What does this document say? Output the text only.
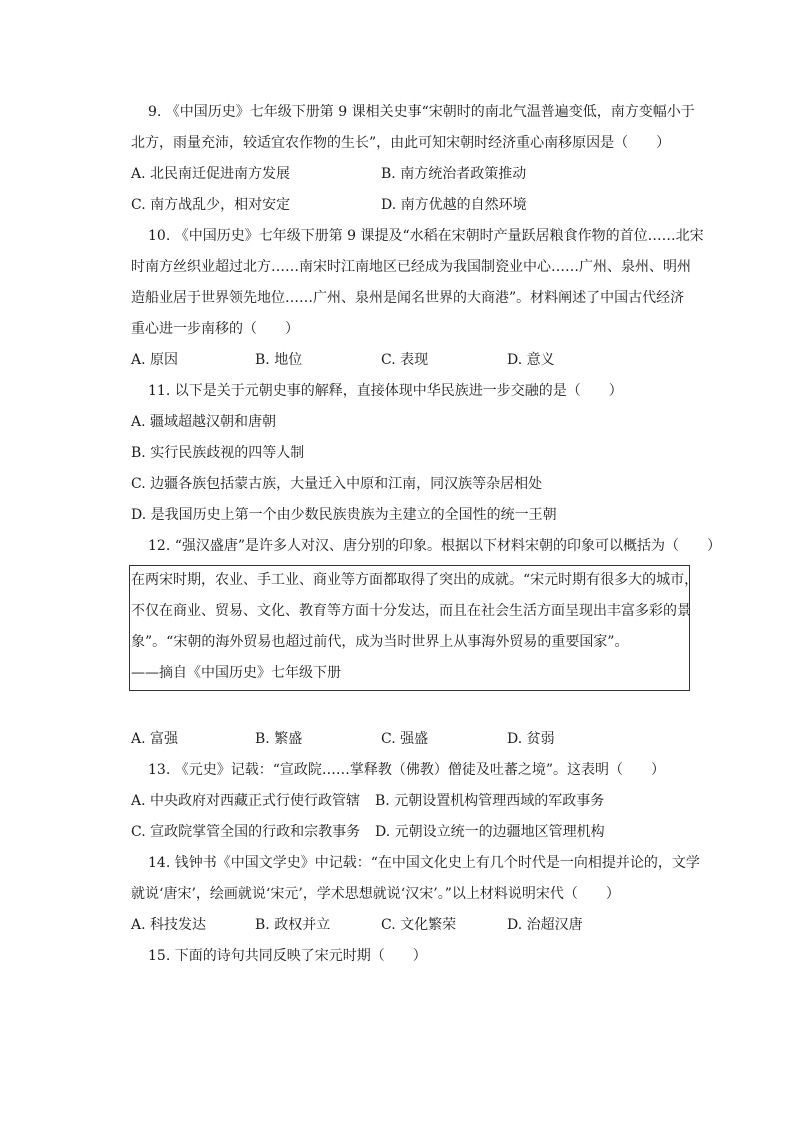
9. 《中国历史》七年级下册第 9 课相关史事“宋朝时的南北气温普遍变低，南方变幅小于
北方，雨量充沛，较适宜农作物的生长”，由此可知宋朝时经济重心南移原因是（　　）
A. 北民南迁促进南方发展	B. 南方统治者政策推动
C. 南方战乱少，相对安定	D. 南方优越的自然环境
10. 《中国历史》七年级下册第 9 课提及“水稻在宋朝时产量跃居粮食作物的首位……北宋
时南方丝织业超过北方……南宋时江南地区已经成为我国制瓷业中心……广州、泉州、明州
造船业居于世界领先地位……广州、泉州是闻名世界的大商港”。材料阐述了中国古代经济
重心进一步南移的（　　）
A. 原因	B. 地位	C. 表现	D. 意义
11. 以下是关于元朝史事的解释，直接体现中华民族进一步交融的是（　　）
A. 疆域超越汉朝和唐朝
B. 实行民族歧视的四等人制
C. 边疆各族包括蒙古族，大量迁入中原和江南，同汉族等杂居相处
D. 是我国历史上第一个由少数民族贵族为主建立的全国性的统一王朝
12. “强汉盛唐”是许多人对汉、唐分别的印象。根据以下材料宋朝的印象可以概括为（　　）
在两宋时期，农业、手工业、商业等方面都取得了突出的成就。“宋元时期有很多大的城市，
不仅在商业、贸易、文化、教育等方面十分发达，而且在社会生活方面呈现出丰富多彩的景
象”。“宋朝的海外贸易也超过前代，成为当时世界上从事海外贸易的重要国家”。
——摘自《中国历史》七年级下册
A. 富强	B. 繁盛	C. 强盛	D. 贫弱
13. 《元史》记载：“宣政院……掌释教（佛教）僧徒及吐蕃之境”。这表明（　　）
A. 中央政府对西藏正式行使行政管辖 B. 元朝设置机构管理西域的军政事务
C. 宣政院掌管全国的行政和宗教事务 D. 元朝设立统一的边疆地区管理机构
14. 钱钟书《中国文学史》中记载：“在中国文化史上有几个时代是一向相提并论的，文学
就说‘唐宋’，绘画就说‘宋元’，学术思想就说‘汉宋’。”以上材料说明宋代（　　）
A. 科技发达	B. 政权并立	C. 文化繁荣	D. 治超汉唐
15. 下面的诗句共同反映了宋元时期（　　）
